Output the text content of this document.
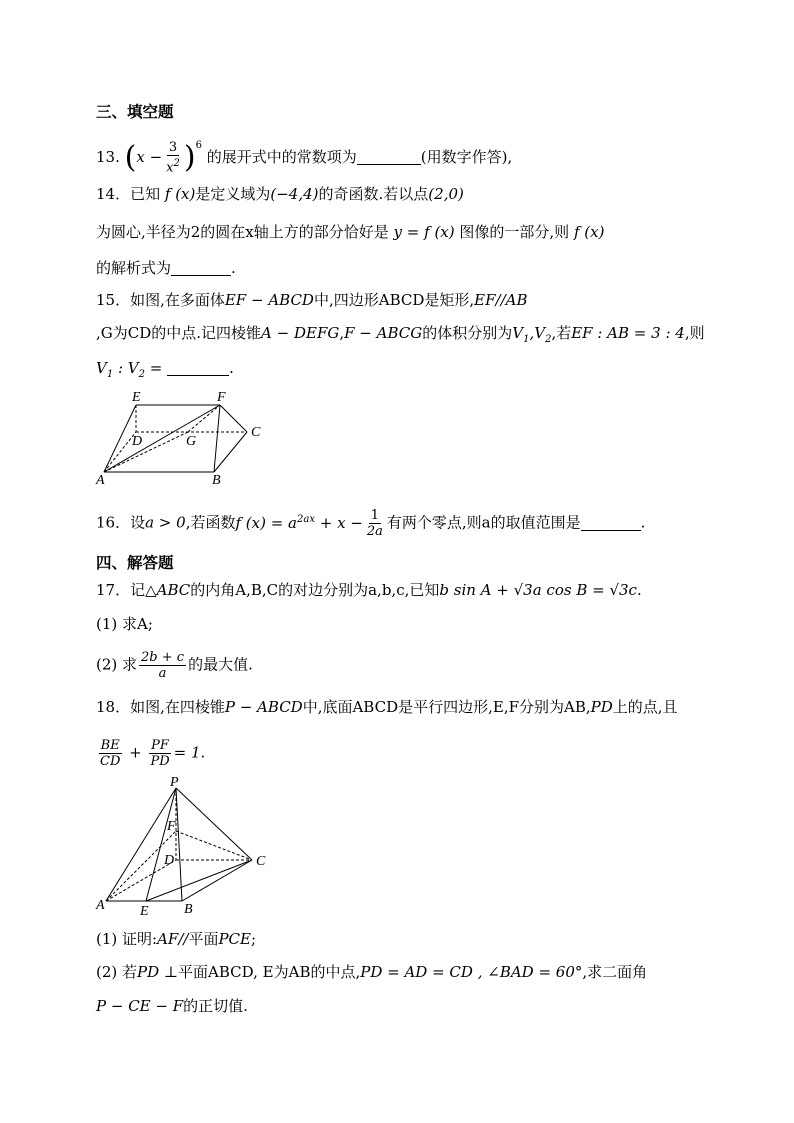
三、填空题
13. $(x - \frac{3}{x^2} )^6$ 的展开式中的常数项为	(用数字作答),
14．已知 f (x)是定义域为(−4,4)的奇函数.若以点(2,0)
为圆心,半径为2的圆在x轴上方的部分恰好是 y = f (x) 图像的一部分,则 f (x)
的解析式为	.
15．如图,在多面体EF − ABCD中,四边形ABCD是矩形,EF//AB
,G为CD的中点.记四棱锥A − DEFG,F − ABCG的体积分别为$V_1,V_2$,若EF : AB = 3 : 4,则
$V_1$ : $V_2$ =	.
E	F
D	G
C
A	B
16．设a > 0,若函数f $(x) = a^{2ax} + x - \frac{1}{2a}$ 有两个零点,则a的取值范围是	.
四、解答题
17．记△ABC的内角A,B,C的对边分别为a,b,c,已知b sin A + √3a cos B = √3c.
(1) 求A;
(2) 求 $\frac{2b + c}{a}$ 的最大值.
18．如图,在四棱锥P − ABCD中,底面ABCD是平行四边形,E,F分别为AB,PD上的点,且
$\frac{BE}{CD} + \frac{PF}{PD} = 1$.
P
F
D	C
A	E	B
(1) 证明:AF//平面PCE;
(2) 若PD ⊥平面ABCD, E为AB的中点,PD = AD = CD , ∠BAD = 60°,求二面角
P − CE − F的正切值.
